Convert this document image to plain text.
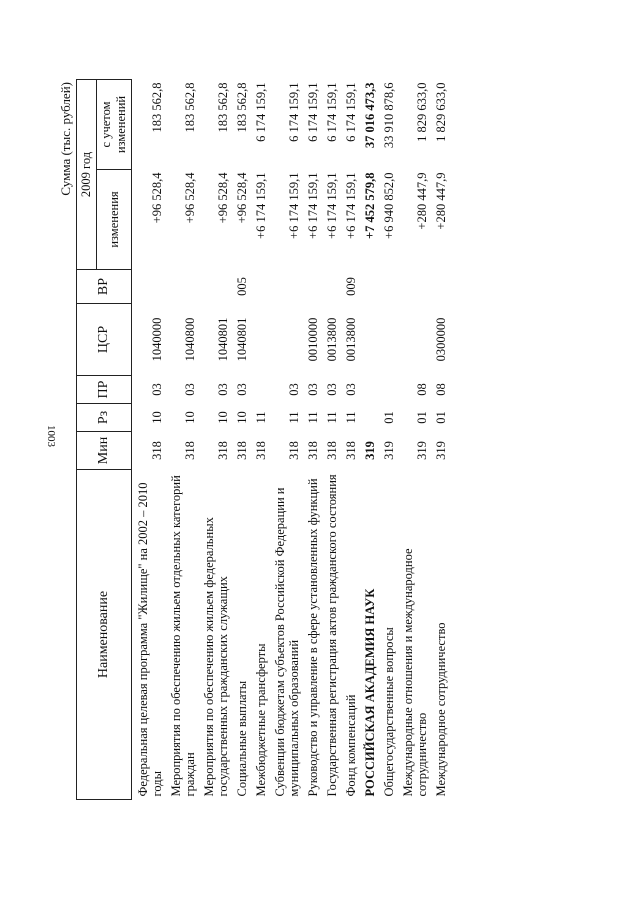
1003
Сумма (тыс. рублей)
Наименование	Мин	Рз	ПР	ЦСР	ВР	2009 год	
						изменения	с учетом изменений
Федеральная целевая программа "Жилище" на 2002 – 2010 годы	318	10	03	1040000		+96 528,4	183 562,8
Мероприятия по обеспечению жильем отдельных категорий граждан	318	10	03	1040800		+96 528,4	183 562,8
Мероприятия по обеспечению жильем федеральных государственных гражданских служащих	318	10	03	1040801		+96 528,4	183 562,8
Социальные выплаты	318	10	03	1040801	005	+96 528,4	183 562,8
Межбюджетные трансферты	318	11				+6 174 159,1	6 174 159,1
Субвенции бюджетам субъектов Российской Федерации и муниципальных образований	318	11	03			+6 174 159,1	6 174 159,1
Руководство и управление в сфере установленных функций	318	11	03	0010000		+6 174 159,1	6 174 159,1
Государственная регистрация актов гражданского состояния	318	11	03	0013800		+6 174 159,1	6 174 159,1
Фонд компенсаций	318	11	03	0013800	009	+6 174 159,1	6 174 159,1
РОССИЙСКАЯ АКАДЕМИЯ НАУК	319					+7 452 579,8	37 016 473,3
Общегосударственные вопросы	319	01				+6 940 852,0	33 910 878,6
Международные отношения и международное сотрудничество	319	01	08			+280 447,9	1 829 633,0
Международное сотрудничество	319	01	08	0300000		+280 447,9	1 829 633,0
